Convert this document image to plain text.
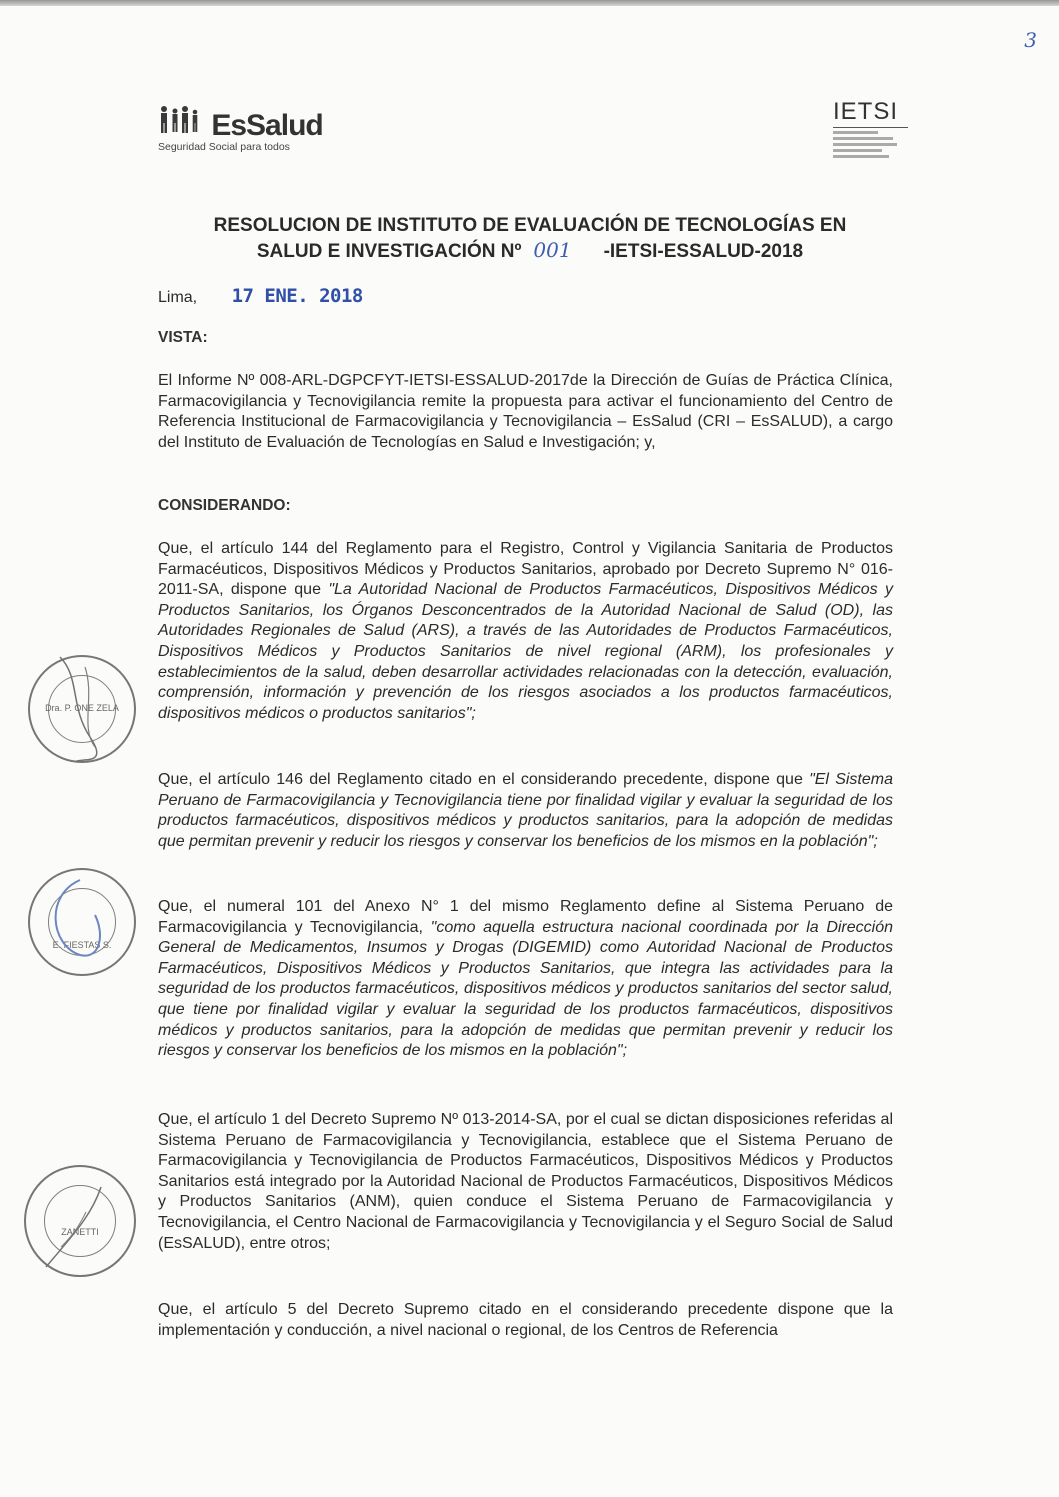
3
EsSalud
Seguridad Social para todos
IETSI
RESOLUCION DE INSTITUTO DE EVALUACIÓN DE TECNOLOGÍAS EN
SALUD E INVESTIGACIÓN Nº 001 -IETSI-ESSALUD-2018
Lima, 17 ENE. 2018
VISTA:
El Informe Nº 008-ARL-DGPCFYT-IETSI-ESSALUD-2017de la Dirección de Guías de Práctica Clínica, Farmacovigilancia y Tecnovigilancia remite la propuesta para activar el funcionamiento del Centro de Referencia Institucional de Farmacovigilancia y Tecnovigilancia – EsSalud (CRI – EsSALUD), a cargo del Instituto de Evaluación de Tecnologías en Salud e Investigación; y,
CONSIDERANDO:
Que, el artículo 144 del Reglamento para el Registro, Control y Vigilancia Sanitaria de Productos Farmacéuticos, Dispositivos Médicos y Productos Sanitarios, aprobado por Decreto Supremo N° 016-2011-SA, dispone que "La Autoridad Nacional de Productos Farmacéuticos, Dispositivos Médicos y Productos Sanitarios, los Órganos Desconcentrados de la Autoridad Nacional de Salud (OD), las Autoridades Regionales de Salud (ARS), a través de las Autoridades de Productos Farmacéuticos, Dispositivos Médicos y Productos Sanitarios de nivel regional (ARM), los profesionales y establecimientos de la salud, deben desarrollar actividades relacionadas con la detección, evaluación, comprensión, información y prevención de los riesgos asociados a los productos farmacéuticos, dispositivos médicos o productos sanitarios";
Que, el artículo 146 del Reglamento citado en el considerando precedente, dispone que "El Sistema Peruano de Farmacovigilancia y Tecnovigilancia tiene por finalidad vigilar y evaluar la seguridad de los productos farmacéuticos, dispositivos médicos y productos sanitarios, para la adopción de medidas que permitan prevenir y reducir los riesgos y conservar los beneficios de los mismos en la población";
Que, el numeral 101 del Anexo N° 1 del mismo Reglamento define al Sistema Peruano de Farmacovigilancia y Tecnovigilancia, "como aquella estructura nacional coordinada por la Dirección General de Medicamentos, Insumos y Drogas (DIGEMID) como Autoridad Nacional de Productos Farmacéuticos, Dispositivos Médicos y Productos Sanitarios, que integra las actividades para la seguridad de los productos farmacéuticos, dispositivos médicos y productos sanitarios del sector salud, que tiene por finalidad vigilar y evaluar la seguridad de los productos farmacéuticos, dispositivos médicos y productos sanitarios, para la adopción de medidas que permitan prevenir y reducir los riesgos y conservar los beneficios de los mismos en la población";
Que, el artículo 1 del Decreto Supremo Nº 013-2014-SA, por el cual se dictan disposiciones referidas al Sistema Peruano de Farmacovigilancia y Tecnovigilancia, establece que el Sistema Peruano de Farmacovigilancia y Tecnovigilancia de Productos Farmacéuticos, Dispositivos Médicos y Productos Sanitarios está integrado por la Autoridad Nacional de Productos Farmacéuticos, Dispositivos Médicos y Productos Sanitarios (ANM), quien conduce el Sistema Peruano de Farmacovigilancia y Tecnovigilancia, el Centro Nacional de Farmacovigilancia y Tecnovigilancia y el Seguro Social de Salud (EsSALUD), entre otros;
Que, el artículo 5 del Decreto Supremo citado en el considerando precedente dispone que la implementación y conducción, a nivel nacional o regional, de los Centros de Referencia
Dra. P. ONE ZELA
E. FIESTAS S.
ZANETTI
